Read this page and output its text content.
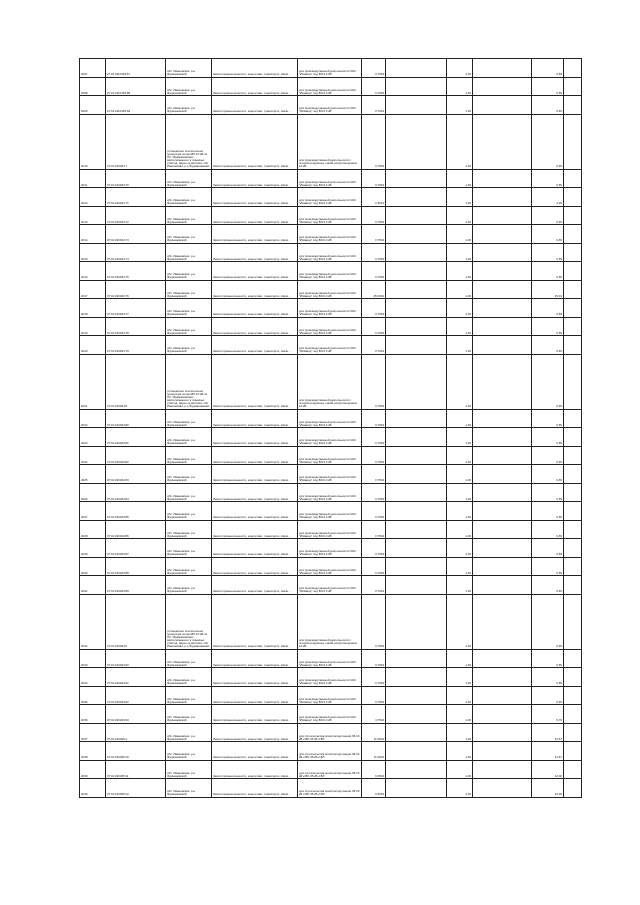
2007	27:01:0110464:67	обл. Ивановская, р-н Фурмановский	Земли промышленности, энергетики, транспорта, связи...	для производственной деятельности ОАО "Ивзавод" под ВЛ-0,4 кВ	0,7504		1,00		0,65	
2008	27:01:0110464:68	обл. Ивановская, р-н Фурмановский	Земли промышленности, энергетики, транспорта, связи...	для производственной деятельности ОАО "Ивзавод" под ВЛ-0,4 кВ	0,7504		1,00		0,65	
2009	27:01:0110464:69	обл. Ивановская, р-н Фурмановский	Земли промышленности, энергетики, транспорта, связи...	для производственной деятельности ОАО "Ивзавод" под ВЛ-0,4 кВ	0,7504		1,00		0,65	
2010	37:01:010464:7	установлено относительно ориентира опоры ВЛ-10 кВ по ПС "Фурмановская", расположенного в границах участка, адрес ориентира: обл. Ивановская, р-н Фурмановский	Земли промышленности, энергетики, транспорта, связи...	для производственной деятельности с опорой воздушных линий электропередачи 10 кВ	0,7504		1,00		0,65	
2011	37:01:010464:70	обл. Ивановская, р-н Фурмановский	Земли промышленности, энергетики, транспорта, связи...	для производственной деятельности ОАО "Ивзавод" под ВЛ-0,4 кВ	0,7504		1,00		0,65	
2012	37:01:010464:71	обл. Ивановская, р-н Фурмановский	Земли промышленности, энергетики, транспорта, связи...	для производственной деятельности ОАО "Ивзавод" под ВЛ-0,4 кВ	2,5014		1,00		4,20	
2013	37:01:010464:72	обл. Ивановская, р-н Фурмановский	Земли промышленности, энергетики, транспорта, связи...	для производственной деятельности ОАО "Ивзавод" под ВЛ-0,4 кВ	0,7504		1,00		0,65	
2014	37:01:010464:73	обл. Ивановская, р-н Фурмановский	Земли промышленности, энергетики, транспорта, связи...	для производственной деятельности ОАО "Ивзавод" под ВЛ-0,4 кВ	0,7504		1,00		0,65	
2015	37:01:010464:74	обл. Ивановская, р-н Фурмановский	Земли промышленности, энергетики, транспорта, связи...	для производственной деятельности ОАО "Ивзавод" под ВЛ-0,4 кВ	0,7504		1,00		0,65	
2016	37:01:010464:75	обл. Ивановская, р-н Фурмановский	Земли промышленности, энергетики, транспорта, связи...	для производственной деятельности ОАО "Ивзавод" под ВЛ-0,4 кВ	0,7504		1,00		0,65	
2017	37:01:010464:76	обл. Ивановская, р-н Фурмановский	Земли промышленности, энергетики, транспорта, связи...	для производственной деятельности ОАО "Ивзавод" под ВЛ-0,4 кВ	45,0004		1,00		15,01	
2018	37:01:010464:77	обл. Ивановская, р-н Фурмановский	Земли промышленности, энергетики, транспорта, связи...	для производственной деятельности ОАО "Ивзавод" под ВЛ-0,4 кВ	0,7504		1,00		0,65	
2019	37:01:010464:78	обл. Ивановская, р-н Фурмановский	Земли промышленности, энергетики, транспорта, связи...	для производственной деятельности ОАО "Ивзавод" под ВЛ-0,4 кВ	0,7504		1,00		0,65	
2020	37:01:010464:79	обл. Ивановская, р-н Фурмановский	Земли промышленности, энергетики, транспорта, связи...	для производственной деятельности ОАО "Ивзавод" под ВЛ-0,4 кВ	0,7504		1,00		0,65	
2021	37:01:010464:8	установлено относительно ориентира опоры ВЛ-10 кВ по ПС "Фурмановская", расположенного в границах участка, адрес ориентира: обл. Ивановская, р-н Фурмановский	Земли промышленности, энергетики, транспорта, связи...	для производственной деятельности с опорой воздушных линий электропередачи 10 кВ	0,7504		1,00		0,65	
2022	37:01:010464:80	обл. Ивановская, р-н Фурмановский	Земли промышленности, энергетики, транспорта, связи...	для производственной деятельности ОАО "Ивзавод" под ВЛ-0,4 кВ	0,7504		1,00		0,65	
2023	37:01:010464:81	обл. Ивановская, р-н Фурмановский	Земли промышленности, энергетики, транспорта, связи...	для производственной деятельности ОАО "Ивзавод" под ВЛ-0,4 кВ	0,7504		1,00		0,65	
2024	37:01:010464:82	обл. Ивановская, р-н Фурмановский	Земли промышленности, энергетики, транспорта, связи...	для производственной деятельности ОАО "Ивзавод" под ВЛ-0,4 кВ	0,7504		1,00		0,65	
2025	37:01:010464:83	обл. Ивановская, р-н Фурмановский	Земли промышленности, энергетики, транспорта, связи...	для производственной деятельности ОАО "Ивзавод" под ВЛ-0,4 кВ	0,7504		1,00		0,65	
2026	37:01:010464:84	обл. Ивановская, р-н Фурмановский	Земли промышленности, энергетики, транспорта, связи...	для производственной деятельности ОАО "Ивзавод" под ВЛ-0,4 кВ	0,7504		1,00		0,65	
2027	37:01:010464:85	обл. Ивановская, р-н Фурмановский	Земли промышленности, энергетики, транспорта, связи...	для производственной деятельности ОАО "Ивзавод" под ВЛ-0,4 кВ	0,7504		1,00		0,65	
2028	37:01:010464:86	обл. Ивановская, р-н Фурмановский	Земли промышленности, энергетики, транспорта, связи...	для производственной деятельности ОАО "Ивзавод" под ВЛ-0,4 кВ	0,7504		1,00		0,65	
2029	37:01:010464:87	обл. Ивановская, р-н Фурмановский	Земли промышленности, энергетики, транспорта, связи...	для производственной деятельности ОАО "Ивзавод" под ВЛ-0,4 кВ	0,7504		1,00		0,65	
2030	37:01:010464:88	обл. Ивановская, р-н Фурмановский	Земли промышленности, энергетики, транспорта, связи...	для производственной деятельности ОАО "Ивзавод" под ВЛ-0,4 кВ	0,7504		1,00		0,65	
2031	37:01:010464:89	обл. Ивановская, р-н Фурмановский	Земли промышленности, энергетики, транспорта, связи...	для производственной деятельности ОАО "Ивзавод" под ВЛ-0,4 кВ	0,7504		1,00		0,65	
2032	37:01:010464:9	установлено относительно ориентира опоры ВЛ-10 кВ по ПС "Фурмановская", расположенного в границах участка, адрес ориентира: обл. Ивановская, р-н Фурмановский	Земли промышленности, энергетики, транспорта, связи...	для производственной деятельности с опорой воздушных линий электропередачи 10 кВ	0,7504		1,00		0,65	
2033	37:01:010464:90	обл. Ивановская, р-н Фурмановский	Земли промышленности, энергетики, транспорта, связи...	для производственной деятельности ОАО "Ивзавод" под ВЛ-0,4 кВ	0,7504		1,00		0,65	
2034	37:01:010464:91	обл. Ивановская, р-н Фурмановский	Земли промышленности, энергетики, транспорта, связи...	для производственной деятельности ОАО "Ивзавод" под ВЛ-0,4 кВ	0,7504		1,00		0,65	
2035	37:01:010464:92	обл. Ивановская, р-н Фурмановский	Земли промышленности, энергетики, транспорта, связи...	для производственной деятельности ОАО "Ивзавод" под ВЛ-0,4 кВ	0,7504		1,00		0,65	
2036	37:01:010464:93	обл. Ивановская, р-н Фурмановский	Земли промышленности, энергетики, транспорта, связи...	для производственной деятельности ОАО "Ивзавод" под ВЛ-0,4 кВ	4,7504		1,00		5,76	
2037	37:01:010465:1	обл. Ивановская, р-н Фурмановский	Земли промышленности, энергетики, транспорта, связи...	для строительства электроподстанции 35-10 кВ и ВЛ-35 кВ и ВЛ	11,0004		1,00		13,57	
2038	37:01:010465:10	обл. Ивановская, р-н Фурмановский	Земли промышленности, энергетики, транспорта, связи...	для строительства электроподстанции 35-10 кВ и ВЛ-35 кВ и ВЛ	11,0004		1,00		13,57	
2039	37:01:010465:11	обл. Ивановская, р-н Фурмановский	Земли промышленности, энергетики, транспорта, связи...	для строительства электроподстанции 35-10 кВ и ВЛ-35 кВ и ВЛ	9,4504		1,00		12,00	
2040	37:01:010465:12	обл. Ивановская, р-н Фурмановский	Земли промышленности, энергетики, транспорта, связи...	для строительства электроподстанции 35-10 кВ и ВЛ-35 кВ и ВЛ	9,4504		1,00		12,00	
